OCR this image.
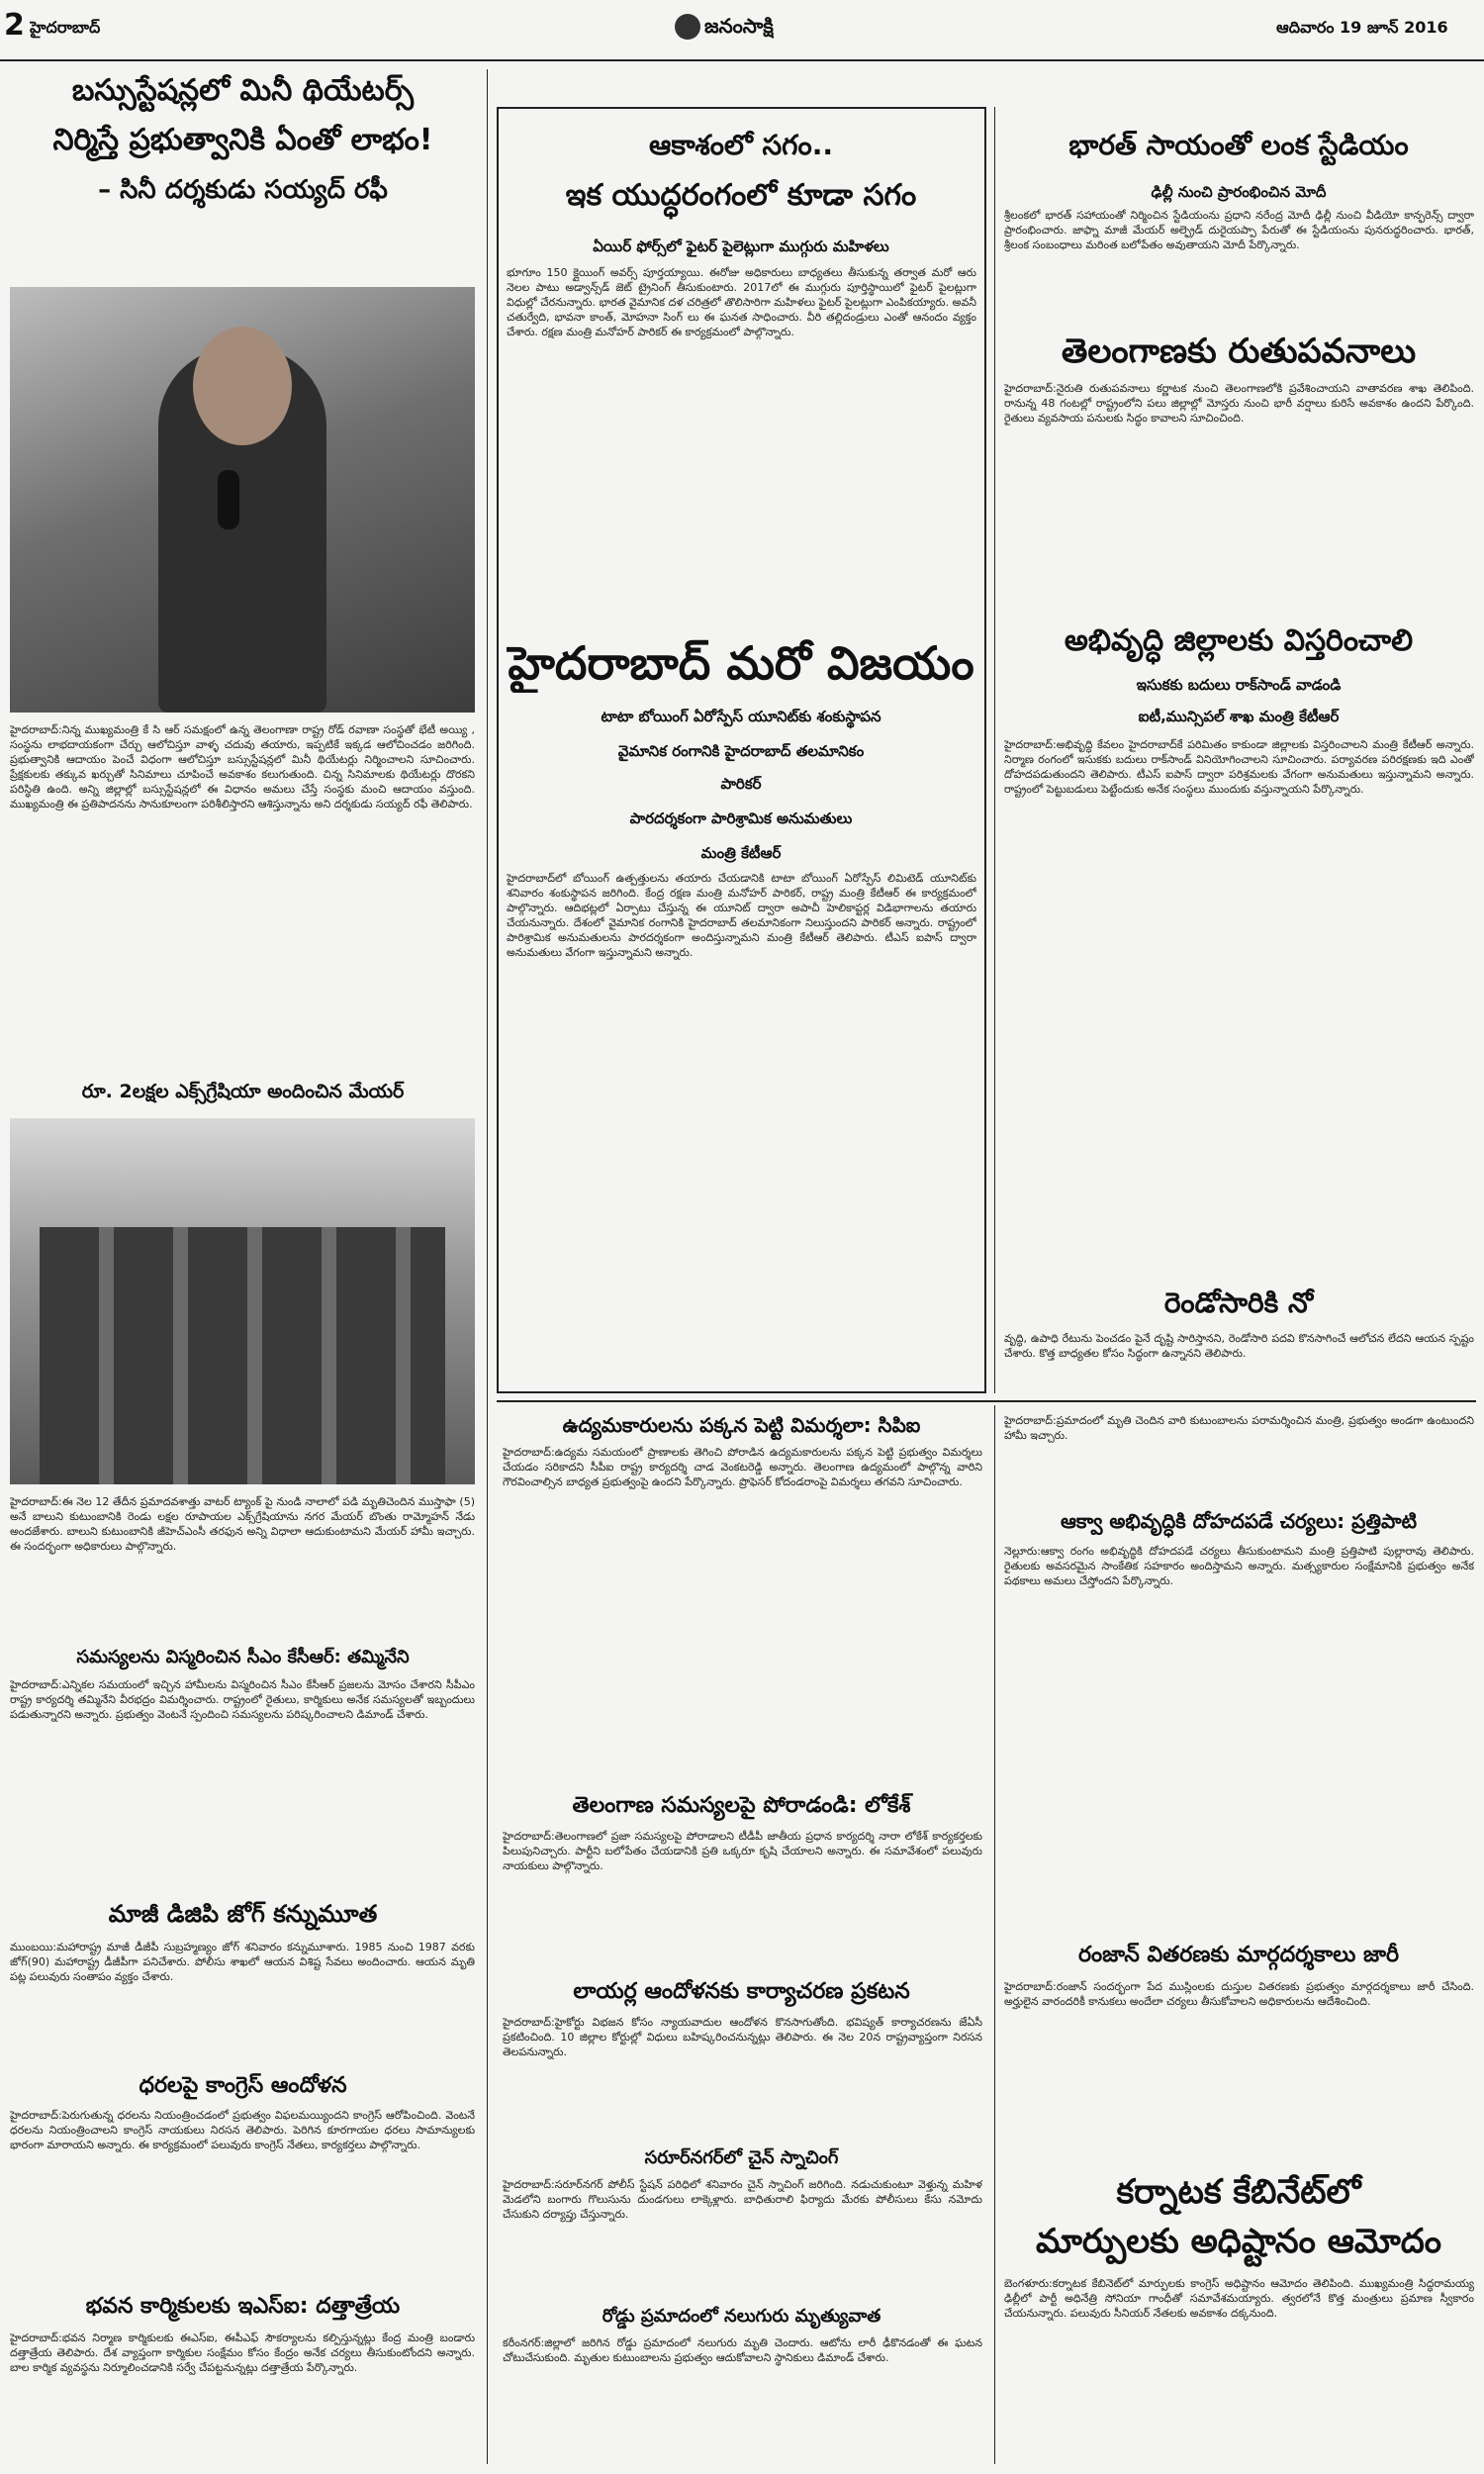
2 హైదరాబాద్	జనంసాక్షి	ఆదివారం 19 జూన్ 2016
బస్సుస్టేషన్లలో మినీ థియేటర్స్
నిర్మిస్తే ప్రభుత్వానికి ఏంతో లాభం!
– సినీ దర్శకుడు సయ్యద్ రఫీ
హైదరాబాద్:నిన్న ముఖ్యమంత్రి కే సి ఆర్ సమక్షంలో ఉన్న తెలంగాణా రాష్ట్ర రోడ్ రవాణా సంస్థతో భేటీ అయ్యి , సంస్థను లాభదాయకంగా చేర్చు ఆలోచిస్తూ వాళ్ళ చదువు తయారు, ఇప్పటికే ఇక్కడ ఆలోచించడం జరిగింది. ప్రభుత్వానికి ఆదాయం పెంచే విధంగా ఆలోచిస్తూ బస్సుస్టేషన్లలో మినీ థియేటర్లు నిర్మించాలని సూచించారు. ప్రేక్షకులకు తక్కువ ఖర్చుతో సినిమాలు చూపించే అవకాశం కలుగుతుంది. చిన్న సినిమాలకు థియేటర్లు దొరకని పరిస్థితి ఉంది. అన్ని జిల్లాల్లో బస్సుస్టేషన్లలో ఈ విధానం అమలు చేస్తే సంస్థకు మంచి ఆదాయం వస్తుంది. ముఖ్యమంత్రి ఈ ప్రతిపాదనను సానుకూలంగా పరిశీలిస్తారని ఆశిస్తున్నాను అని దర్శకుడు సయ్యద్ రఫీ తెలిపారు.
రూ. 2లక్షల ఎక్స్‌గ్రేషియా అందించిన మేయర్
హైదరాబాద్:ఈ నెల 12 తేదీన ప్రమాదవశాత్తు వాటర్ ట్యాంక్ పై నుండి నాలాలో పడి మృతిచెందిన ముస్తాఫా (5) అనే బాలుని కుటుంబానికి రెండు లక్షల రూపాయల ఎక్స్‌గ్రేషియాను నగర మేయర్ బొంతు రామ్మోహన్ నేడు అందజేశారు. బాలుని కుటుంబానికి జీహెచ్ఎంసీ తరఫున అన్ని విధాలా ఆదుకుంటామని మేయర్ హామీ ఇచ్చారు. ఈ సందర్భంగా అధికారులు పాల్గొన్నారు.
సమస్యలను విస్మరించిన సీఎం కేసీఆర్: తమ్మినేని
హైదరాబాద్:ఎన్నికల సమయంలో ఇచ్చిన హామీలను విస్మరించిన సీఎం కేసీఆర్ ప్రజలను మోసం చేశారని సీపీఎం రాష్ట్ర కార్యదర్శి తమ్మినేని వీరభద్రం విమర్శించారు. రాష్ట్రంలో రైతులు, కార్మికులు అనేక సమస్యలతో ఇబ్బందులు పడుతున్నారని అన్నారు. ప్రభుత్వం వెంటనే స్పందించి సమస్యలను పరిష్కరించాలని డిమాండ్ చేశారు.
మాజీ డిజిపి జోగ్ కన్నుమూత
ముంబయి:మహారాష్ట్ర మాజీ డీజీపీ సుబ్రహ్మణ్యం జోగ్ శనివారం కన్నుమూశారు. 1985 నుంచి 1987 వరకు జోగ్(90) మహారాష్ట్ర డీజీపీగా పనిచేశారు. పోలీసు శాఖలో ఆయన విశిష్ట సేవలు అందించారు. ఆయన మృతి పట్ల పలువురు సంతాపం వ్యక్తం చేశారు.
ధరలపై కాంగ్రెస్ ఆందోళన
హైదరాబాద్:పెరుగుతున్న ధరలను నియంత్రించడంలో ప్రభుత్వం విఫలమయ్యిందని కాంగ్రెస్ ఆరోపించింది. వెంటనే ధరలను నియంత్రించాలని కాంగ్రెస్ నాయకులు నిరసన తెలిపారు. పెరిగిన కూరగాయల ధరలు సామాన్యులకు భారంగా మారాయని అన్నారు. ఈ కార్యక్రమంలో పలువురు కాంగ్రెస్ నేతలు, కార్యకర్తలు పాల్గొన్నారు.
భవన కార్మికులకు ఇఎస్ఐ: దత్తాత్రేయ
హైదరాబాద్:భవన నిర్మాణ కార్మికులకు ఈఎస్ఐ, ఈపీఎఫ్ సౌకర్యాలను కల్పిస్తున్నట్లు కేంద్ర మంత్రి బండారు దత్తాత్రేయ తెలిపారు. దేశ వ్యాప్తంగా కార్మికుల సంక్షేమం కోసం కేంద్రం అనేక చర్యలు తీసుకుంటోందని అన్నారు. బాల కార్మిక వ్యవస్థను నిర్మూలించడానికి సర్వే చేపట్టనున్నట్లు దత్తాత్రేయ పేర్కొన్నారు.
ఆకాశంలో సగం..
ఇక యుద్ధరంగంలో కూడా సగం
ఏయిర్ ఫోర్స్‌లో ఫైటర్ పైలెట్లుగా ముగ్గురు మహిళలు
భూగూం 150 క్లైయింగ్ అవర్స్ పూర్తయ్యాయి. ఈరోజు అధికారులు బాధ్యతలు తీసుకున్న తర్వాత మరో ఆరు నెలల పాటు అడ్వాన్స్‌డ్ జెట్ ట్రైనింగ్ తీసుకుంటారు. 2017లో ఈ ముగ్గురు పూర్తిస్థాయిలో ఫైటర్ పైలట్లుగా విధుల్లో చేరనున్నారు. భారత వైమానిక దళ చరిత్రలో తొలిసారిగా మహిళలు ఫైటర్ పైలట్లుగా ఎంపికయ్యారు. అవనీ చతుర్వేది, భావనా కాంత్, మోహనా సింగ్ లు ఈ ఘనత సాధించారు. వీరి తల్లిదండ్రులు ఎంతో ఆనందం వ్యక్తం చేశారు. రక్షణ మంత్రి మనోహర్ పారికర్ ఈ కార్యక్రమంలో పాల్గొన్నారు.
హైదరాబాద్ మరో విజయం
టాటా బోయింగ్ ఏరోస్పేస్ యూనిట్‌కు శంకుస్థాపన
వైమానిక రంగానికి హైదరాబాద్ తలమానికం
పారికర్
పారదర్శకంగా పారిశ్రామిక అనుమతులు
మంత్రి కేటీఆర్
హైదరాబాద్‌లో బోయింగ్ ఉత్పత్తులను తయారు చేయడానికి టాటా బోయింగ్ ఏరోస్పేస్ లిమిటెడ్ యూనిట్‌కు శనివారం శంకుస్థాపన జరిగింది. కేంద్ర రక్షణ మంత్రి మనోహర్ పారికర్, రాష్ట్ర మంత్రి కేటీఆర్ ఈ కార్యక్రమంలో పాల్గొన్నారు. ఆదిభట్లలో ఏర్పాటు చేస్తున్న ఈ యూనిట్ ద్వారా అపాచీ హెలికాప్టర్ల విడిభాగాలను తయారు చేయనున్నారు. దేశంలో వైమానిక రంగానికి హైదరాబాద్ తలమానికంగా నిలుస్తుందని పారికర్ అన్నారు. రాష్ట్రంలో పారిశ్రామిక అనుమతులను పారదర్శకంగా అందిస్తున్నామని మంత్రి కేటీఆర్ తెలిపారు. టీఎస్ ఐపాస్ ద్వారా అనుమతులు వేగంగా ఇస్తున్నామని అన్నారు.
భారత్ సాయంతో లంక స్టేడియం
ఢిల్లీ నుంచి ప్రారంభించిన మోదీ
శ్రీలంకలో భారత్ సహాయంతో నిర్మించిన స్టేడియంను ప్రధాని నరేంద్ర మోదీ ఢిల్లీ నుంచి వీడియో కాన్ఫరెన్స్ ద్వారా ప్రారంభించారు. జాఫ్నా మాజీ మేయర్ అల్ఫ్రెడ్ దురైయప్పా పేరుతో ఈ స్టేడియంను పునరుద్ధరించారు. భారత్, శ్రీలంక సంబంధాలు మరింత బలోపేతం అవుతాయని మోదీ పేర్కొన్నారు.
తెలంగాణకు రుతుపవనాలు
హైదరాబాద్:నైరుతి రుతుపవనాలు కర్ణాటక నుంచి తెలంగాణలోకి ప్రవేశించాయని వాతావరణ శాఖ తెలిపింది. రానున్న 48 గంటల్లో రాష్ట్రంలోని పలు జిల్లాల్లో మోస్తరు నుంచి భారీ వర్షాలు కురిసే అవకాశం ఉందని పేర్కొంది. రైతులు వ్యవసాయ పనులకు సిద్ధం కావాలని సూచించింది.
అభివృద్ధి జిల్లాలకు విస్తరించాలి
ఇసుకకు బదులు రాక్‌సాండ్ వాడండి
ఐటీ,మున్సిపల్ శాఖ మంత్రి కేటీఆర్
హైదరాబాద్:అభివృద్ధి కేవలం హైదరాబాద్‌కే పరిమితం కాకుండా జిల్లాలకు విస్తరించాలని మంత్రి కేటీఆర్ అన్నారు. నిర్మాణ రంగంలో ఇసుకకు బదులు రాక్‌సాండ్ వినియోగించాలని సూచించారు. పర్యావరణ పరిరక్షణకు ఇది ఎంతో దోహదపడుతుందని తెలిపారు. టీఎస్ ఐపాస్ ద్వారా పరిశ్రమలకు వేగంగా అనుమతులు ఇస్తున్నామని అన్నారు. రాష్ట్రంలో పెట్టుబడులు పెట్టేందుకు అనేక సంస్థలు ముందుకు వస్తున్నాయని పేర్కొన్నారు.
రెండోసారికి నో
వృద్ధి, ఉపాధి రేటును పెంచడం పైనే దృష్టి సారిస్తానని, రెండోసారి పదవి కొనసాగించే ఆలోచన లేదని ఆయన స్పష్టం చేశారు. కొత్త బాధ్యతల కోసం సిద్ధంగా ఉన్నానని తెలిపారు.
ఉద్యమకారులను పక్కన పెట్టి విమర్శలా: సిపిఐ
హైదరాబాద్:ఉద్యమ సమయంలో ప్రాణాలకు తెగించి పోరాడిన ఉద్యమకారులను పక్కన పెట్టి ప్రభుత్వం విమర్శలు చేయడం సరికాదని సీపీఐ రాష్ట్ర కార్యదర్శి చాడ వెంకటరెడ్డి అన్నారు. తెలంగాణ ఉద్యమంలో పాల్గొన్న వారిని గౌరవించాల్సిన బాధ్యత ప్రభుత్వంపై ఉందని పేర్కొన్నారు. ప్రొఫెసర్ కోదండరాంపై విమర్శలు తగవని సూచించారు.
తెలంగాణ సమస్యలపై పోరాడండి: లోకేశ్
హైదరాబాద్:తెలంగాణలో ప్రజా సమస్యలపై పోరాడాలని టీడీపీ జాతీయ ప్రధాన కార్యదర్శి నారా లోకేశ్ కార్యకర్తలకు పిలుపునిచ్చారు. పార్టీని బలోపేతం చేయడానికి ప్రతి ఒక్కరూ కృషి చేయాలని అన్నారు. ఈ సమావేశంలో పలువురు నాయకులు పాల్గొన్నారు.
లాయర్ల ఆందోళనకు కార్యాచరణ ప్రకటన
హైదరాబాద్:హైకోర్టు విభజన కోసం న్యాయవాదుల ఆందోళన కొనసాగుతోంది. భవిష్యత్ కార్యాచరణను జేఏసీ ప్రకటించింది. 10 జిల్లాల కోర్టుల్లో విధులు బహిష్కరించనున్నట్లు తెలిపారు. ఈ నెల 20న రాష్ట్రవ్యాప్తంగా నిరసన తెలపనున్నారు.
సరూర్‌నగర్‌లో చైన్ స్నాచింగ్
హైదరాబాద్:సరూర్‌నగర్ పోలీస్ స్టేషన్ పరిధిలో శనివారం చైన్ స్నాచింగ్ జరిగింది. నడుచుకుంటూ వెళ్తున్న మహిళ మెడలోని బంగారు గొలుసును దుండగులు లాక్కెళ్లారు. బాధితురాలి ఫిర్యాదు మేరకు పోలీసులు కేసు నమోదు చేసుకుని దర్యాప్తు చేస్తున్నారు.
రోడ్డు ప్రమాదంలో నలుగురు మృత్యువాత
కరీంనగర్:జిల్లాలో జరిగిన రోడ్డు ప్రమాదంలో నలుగురు మృతి చెందారు. ఆటోను లారీ ఢీకొనడంతో ఈ ఘటన చోటుచేసుకుంది. మృతుల కుటుంబాలను ప్రభుత్వం ఆదుకోవాలని స్థానికులు డిమాండ్ చేశారు.
హైదరాబాద్:ప్రమాదంలో మృతి చెందిన వారి కుటుంబాలను పరామర్శించిన మంత్రి, ప్రభుత్వం అండగా ఉంటుందని హామీ ఇచ్చారు.
ఆక్వా అభివృద్ధికి దోహదపడే చర్యలు: ప్రత్తిపాటి
నెల్లూరు:ఆక్వా రంగం అభివృద్ధికి దోహదపడే చర్యలు తీసుకుంటామని మంత్రి ప్రత్తిపాటి పుల్లారావు తెలిపారు. రైతులకు అవసరమైన సాంకేతిక సహకారం అందిస్తామని అన్నారు. మత్స్యకారుల సంక్షేమానికి ప్రభుత్వం అనేక పథకాలు అమలు చేస్తోందని పేర్కొన్నారు.
రంజాన్ వితరణకు మార్గదర్శకాలు జారీ
హైదరాబాద్:రంజాన్ సందర్భంగా పేద ముస్లింలకు దుస్తుల వితరణకు ప్రభుత్వం మార్గదర్శకాలు జారీ చేసింది. అర్హులైన వారందరికీ కానుకలు అందేలా చర్యలు తీసుకోవాలని అధికారులను ఆదేశించింది.
కర్నాటక కేబినేట్‌లో
మార్పులకు అధిష్టానం ఆమోదం
బెంగళూరు:కర్నాటక కేబినెట్‌లో మార్పులకు కాంగ్రెస్ అధిష్టానం ఆమోదం తెలిపింది. ముఖ్యమంత్రి సిద్ధరామయ్య ఢిల్లీలో పార్టీ అధినేత్రి సోనియా గాంధీతో సమావేశమయ్యారు. త్వరలోనే కొత్త మంత్రులు ప్రమాణ స్వీకారం చేయనున్నారు. పలువురు సీనియర్ నేతలకు అవకాశం దక్కనుంది.
